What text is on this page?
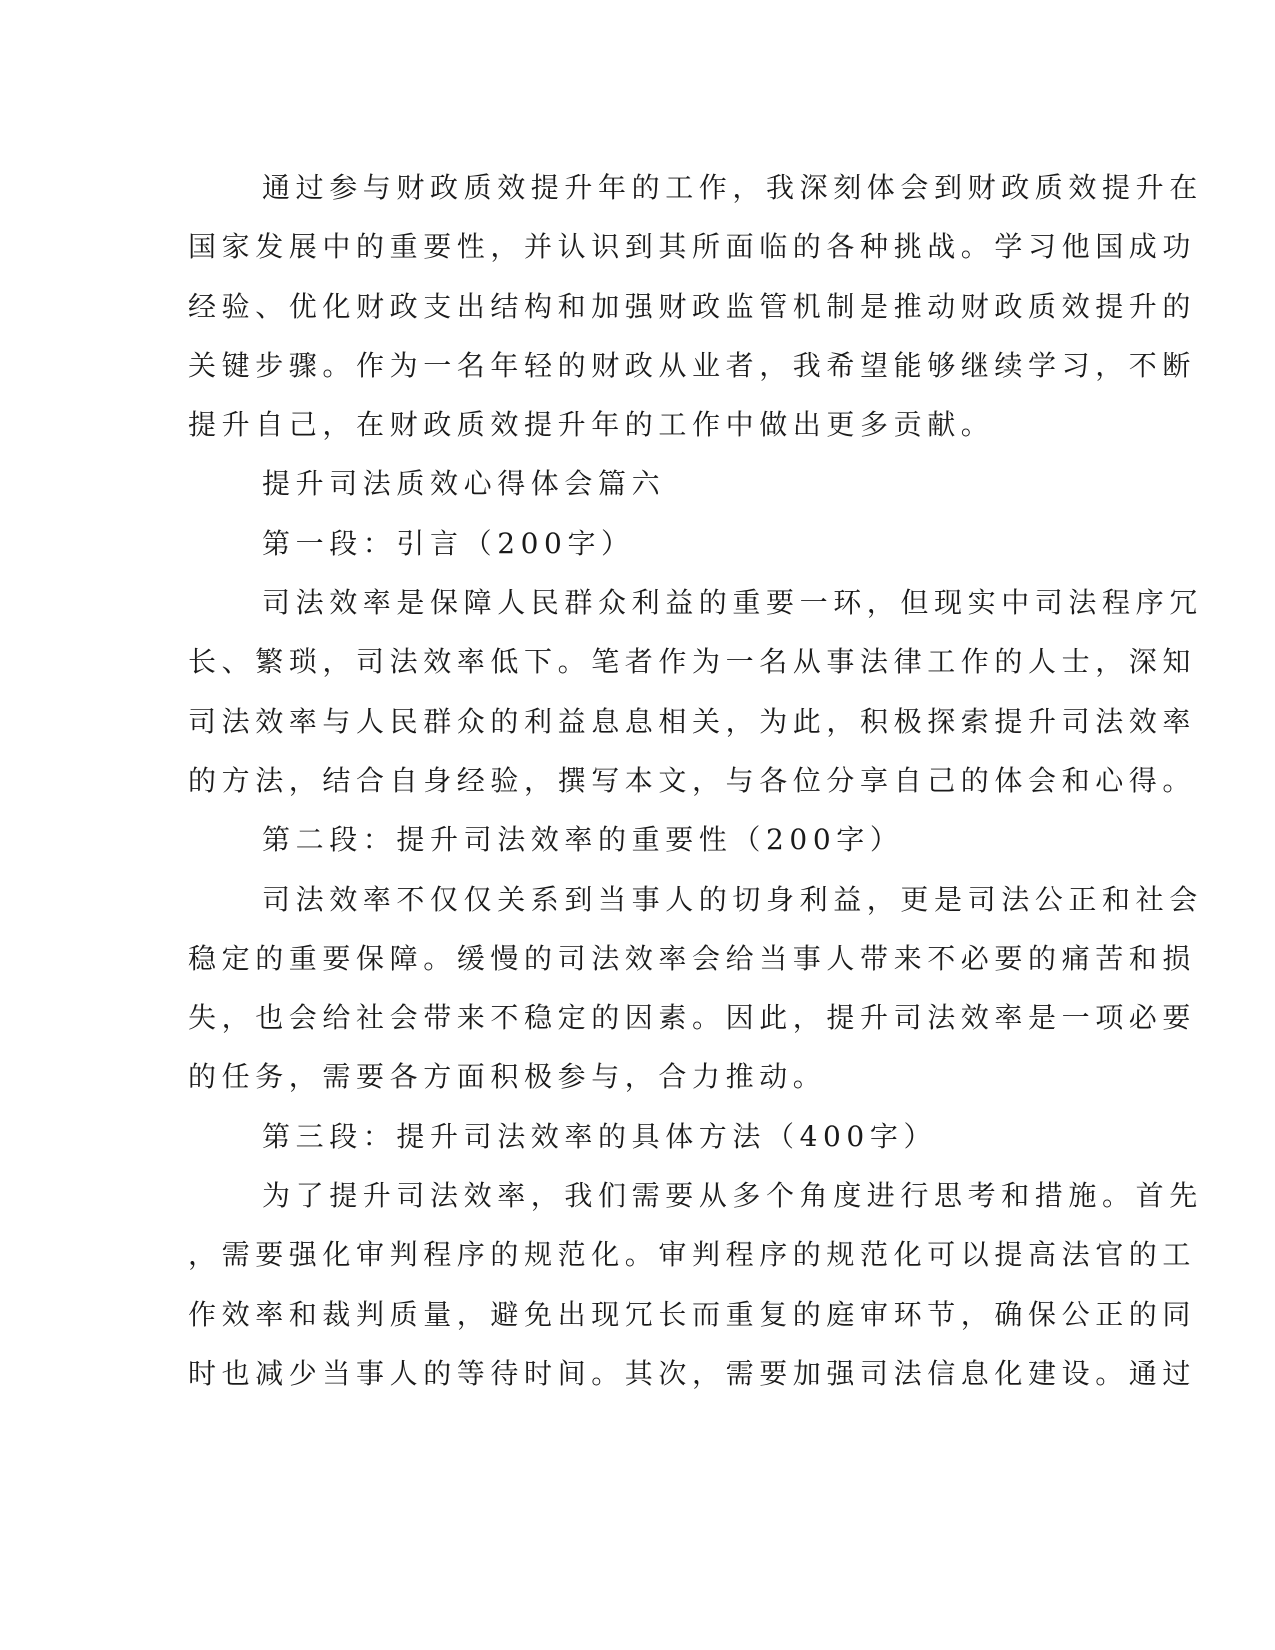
通过参与财政质效提升年的工作，我深刻体会到财政质效提升在
国家发展中的重要性，并认识到其所面临的各种挑战。学习他国成功
经验、优化财政支出结构和加强财政监管机制是推动财政质效提升的
关键步骤。作为一名年轻的财政从业者，我希望能够继续学习，不断
提升自己，在财政质效提升年的工作中做出更多贡献。
提升司法质效心得体会篇六
第一段：引言（200字）
司法效率是保障人民群众利益的重要一环，但现实中司法程序冗
长、繁琐，司法效率低下。笔者作为一名从事法律工作的人士，深知
司法效率与人民群众的利益息息相关，为此，积极探索提升司法效率
的方法，结合自身经验，撰写本文，与各位分享自己的体会和心得。
第二段：提升司法效率的重要性（200字）
司法效率不仅仅关系到当事人的切身利益，更是司法公正和社会
稳定的重要保障。缓慢的司法效率会给当事人带来不必要的痛苦和损
失，也会给社会带来不稳定的因素。因此，提升司法效率是一项必要
的任务，需要各方面积极参与，合力推动。
第三段：提升司法效率的具体方法（400字）
为了提升司法效率，我们需要从多个角度进行思考和措施。首先
，需要强化审判程序的规范化。审判程序的规范化可以提高法官的工
作效率和裁判质量，避免出现冗长而重复的庭审环节，确保公正的同
时也减少当事人的等待时间。其次，需要加强司法信息化建设。通过
